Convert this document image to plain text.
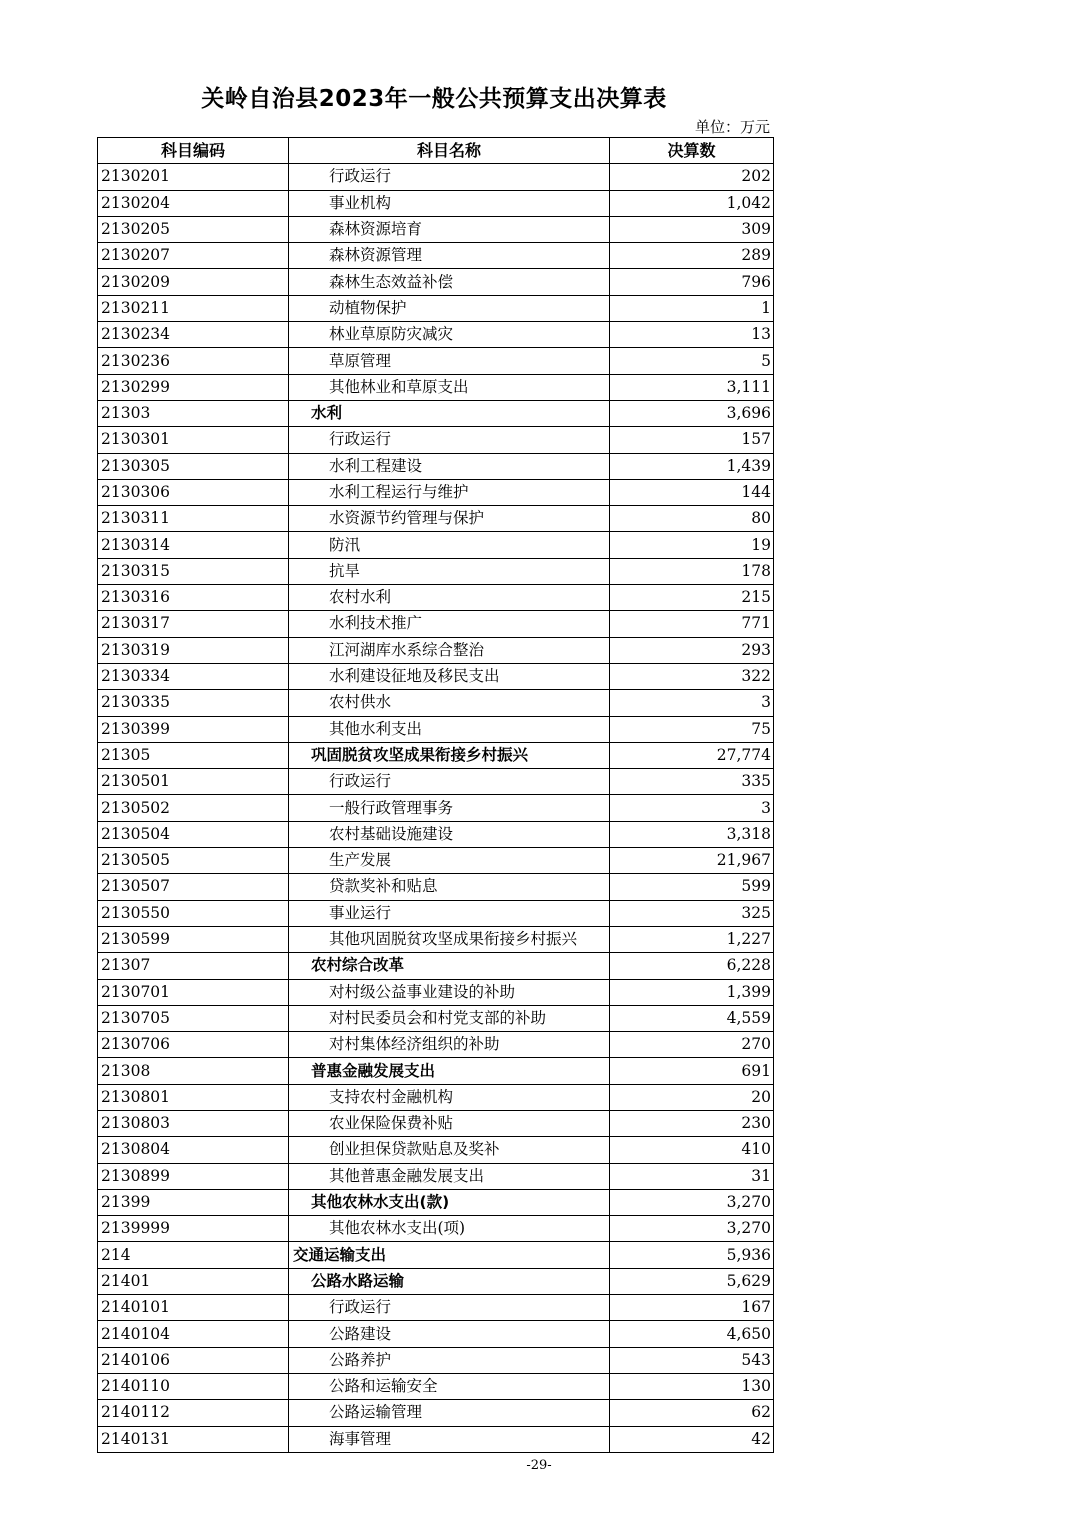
关岭自治县2023年一般公共预算支出决算表
单位：万元
科目编码	科目名称	决算数
2130201	行政运行	202
2130204	事业机构	1,042
2130205	森林资源培育	309
2130207	森林资源管理	289
2130209	森林生态效益补偿	796
2130211	动植物保护	1
2130234	林业草原防灾减灾	13
2130236	草原管理	5
2130299	其他林业和草原支出	3,111
21303	水利	3,696
2130301	行政运行	157
2130305	水利工程建设	1,439
2130306	水利工程运行与维护	144
2130311	水资源节约管理与保护	80
2130314	防汛	19
2130315	抗旱	178
2130316	农村水利	215
2130317	水利技术推广	771
2130319	江河湖库水系综合整治	293
2130334	水利建设征地及移民支出	322
2130335	农村供水	3
2130399	其他水利支出	75
21305	巩固脱贫攻坚成果衔接乡村振兴	27,774
2130501	行政运行	335
2130502	一般行政管理事务	3
2130504	农村基础设施建设	3,318
2130505	生产发展	21,967
2130507	贷款奖补和贴息	599
2130550	事业运行	325
2130599	其他巩固脱贫攻坚成果衔接乡村振兴	1,227
21307	农村综合改革	6,228
2130701	对村级公益事业建设的补助	1,399
2130705	对村民委员会和村党支部的补助	4,559
2130706	对村集体经济组织的补助	270
21308	普惠金融发展支出	691
2130801	支持农村金融机构	20
2130803	农业保险保费补贴	230
2130804	创业担保贷款贴息及奖补	410
2130899	其他普惠金融发展支出	31
21399	其他农林水支出(款)	3,270
2139999	其他农林水支出(项)	3,270
214	交通运输支出	5,936
21401	公路水路运输	5,629
2140101	行政运行	167
2140104	公路建设	4,650
2140106	公路养护	543
2140110	公路和运输安全	130
2140112	公路运输管理	62
2140131	海事管理	42
-29-
